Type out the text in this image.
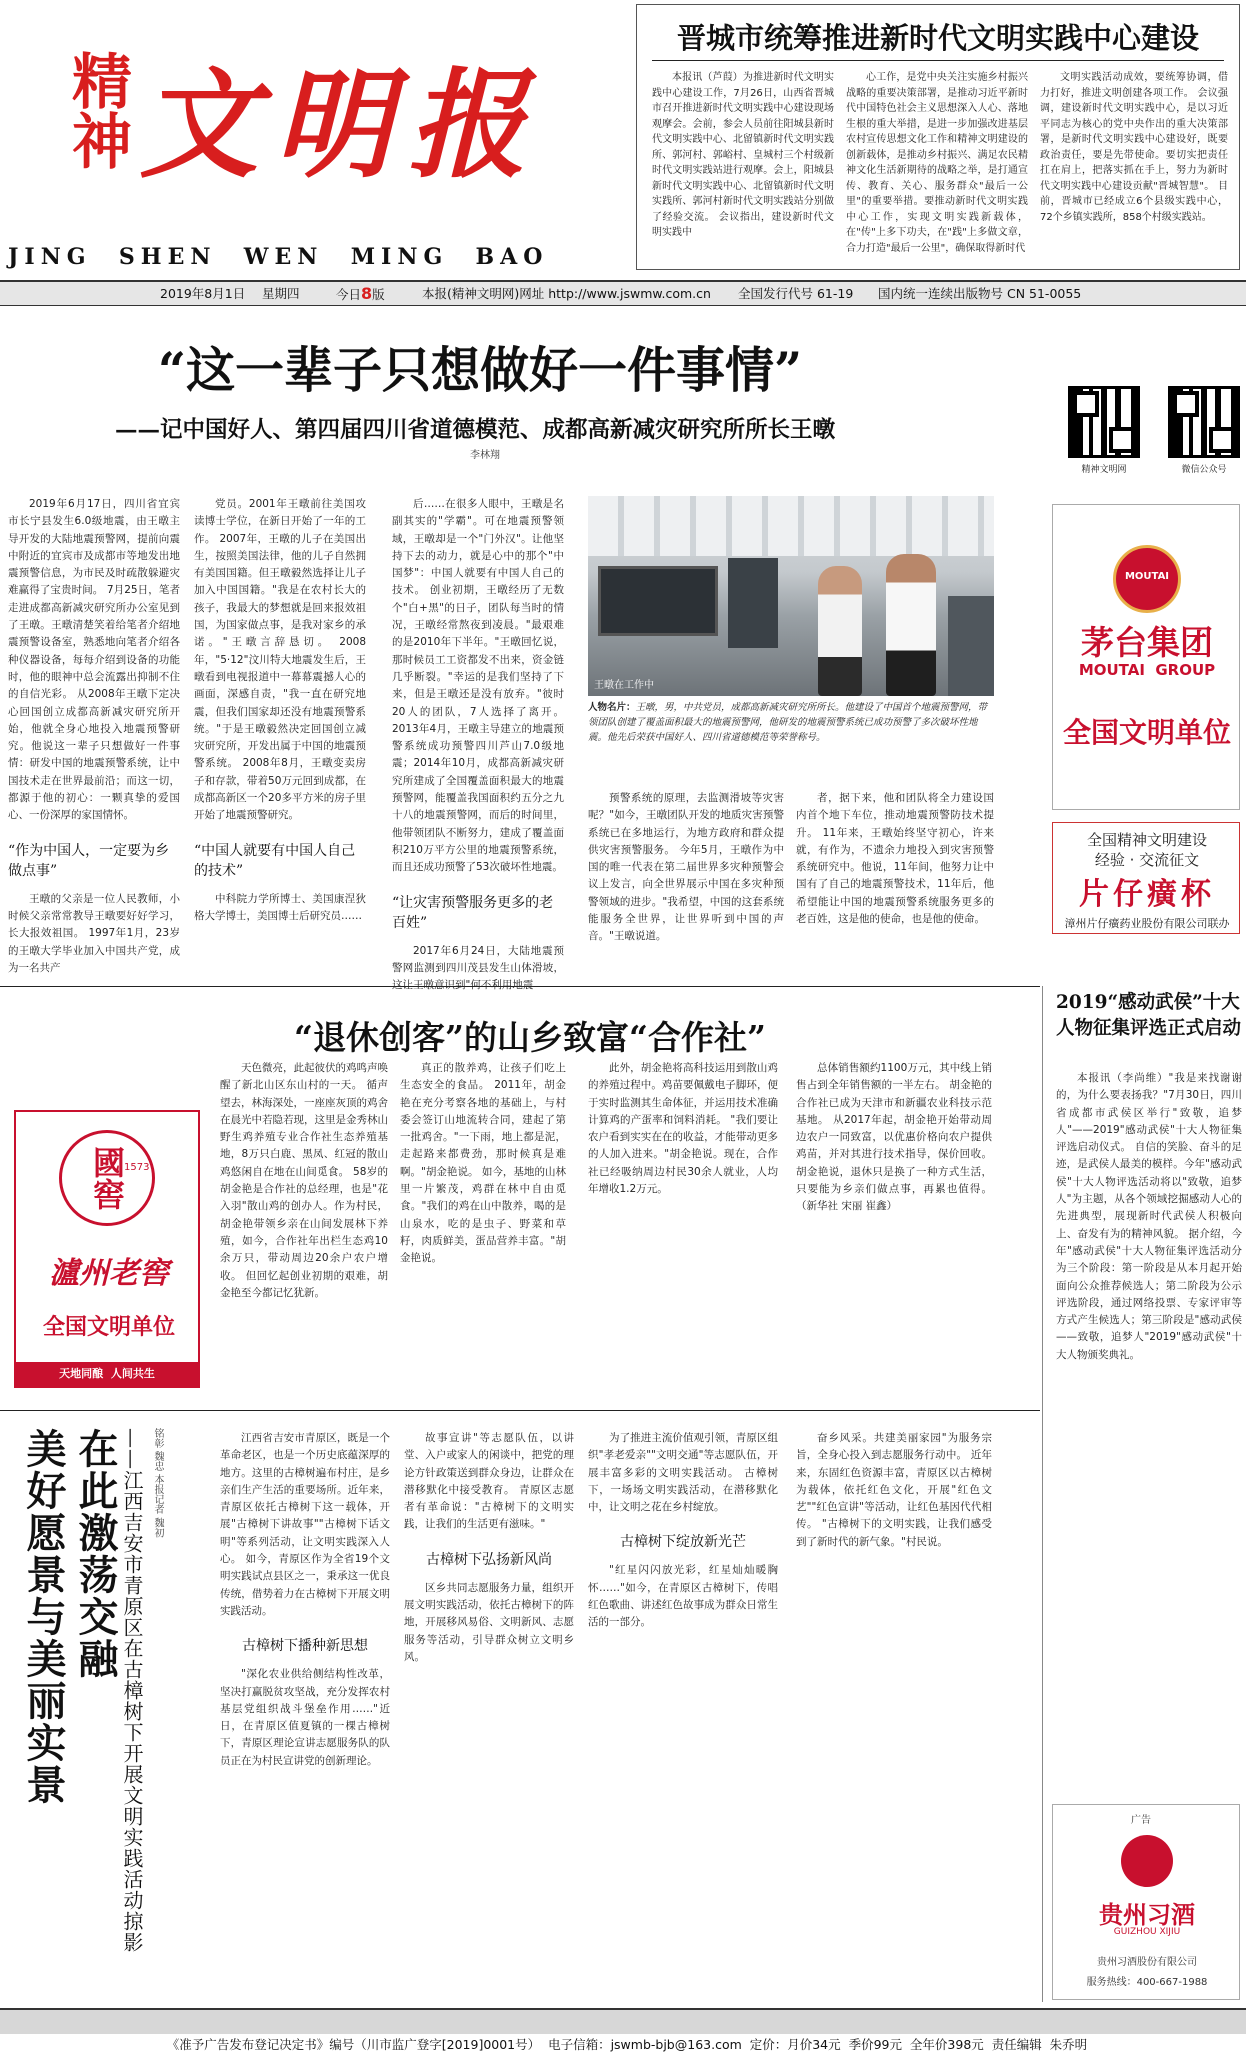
精神 文明报
JING  SHEN  WEN  MING  BAO
2019年8月1日 星期四	今日8版	本报(精神文明网)网址 http://www.jswmw.com.cn 全国发行代号 61-19 国内统一连续出版物号 CN 51-0055
晋城市统筹推进新时代文明实践中心建设

本报讯（芦葭）为推进新时代文明实践中心建设工作，7月26日，山西省晋城市召开推进新时代文明实践中心建设现场观摩会。会前，参会人员前往阳城县新时代文明实践中心、北留镇新时代文明实践所、郭河村、郭峪村、皇城村三个村级新时代文明实践站进行观摩。会上，阳城县新时代文明实践中心、北留镇新时代文明实践所、郭河村新时代文明实践站分别做了经验交流。 会议指出，建设新时代文明实践中

心工作，是党中央关注实施乡村振兴战略的重要决策部署，是推动习近平新时代中国特色社会主义思想深入人心、落地生根的重大举措，是进一步加强改进基层农村宣传思想文化工作和精神文明建设的创新载体，是推动乡村振兴、满足农民精神文化生活新期待的战略之举，是打通宣传、教育、关心、服务群众"最后一公里"的重要举措。要推动新时代文明实践中心工作，实现文明实践新载体，在"传"上多下功夫，在"践"上多做文章，合力打造"最后一公里"，确保取得新时代

文明实践活动成效，要统筹协调，借力打好，推进文明创建各项工作。 会议强调，建设新时代文明实践中心，是以习近平同志为核心的党中央作出的重大决策部署，是新时代文明实践中心建设好，既要政治责任，要是先带使命。要切实把责任扛在肩上，把落实抓在手上，努力为新时代文明实践中心建设贡献"晋城智慧"。 目前，晋城市已经成立6个县级实践中心，72个乡镇实践所，858个村级实践站。

“这一辈子只想做好一件事情”
——记中国好人、第四届四川省道德模范、成都高新减灾研究所所长王暾
李林翔

2019年6月17日，四川省宜宾市长宁县发生6.0级地震，由王暾主导开发的大陆地震预警网，提前向震中附近的宜宾市及成都市等地发出地震预警信息，为市民及时疏散躲避灾难赢得了宝贵时间。 7月25日，笔者走进成都高新减灾研究所办公室见到了王暾。王暾清楚笑着给笔者介绍地震预警设备室，熟悉地向笔者介绍各种仪器设备，每每介绍到设备的功能时，他的眼神中总会流露出抑制不住的自信光彩。 从2008年王暾下定决心回国创立成都高新减灾研究所开始，他就全身心地投入地震预警研究。他说这一辈子只想做好一件事情：研发中国的地震预警系统，让中国技术走在世界最前沿；而这一切，都源于他的初心：一颗真挚的爱国心、一份深厚的家国情怀。

“作为中国人，一定要为乡做点事”

王暾的父亲是一位人民教师，小时候父亲常常教导王暾要好好学习，长大报效祖国。 1997年1月，23岁的王暾大学毕业加入中国共产党，成为一名共产

党员。2001年王暾前往美国攻读博士学位，在新日开始了一年的工作。 2007年，王暾的儿子在美国出生，按照美国法律，他的儿子自然拥有美国国籍。但王暾毅然选择让儿子加入中国国籍。"我是在农村长大的孩子，我最大的梦想就是回来报效祖国，为国家做点事，是我对家乡的承诺。"王暾言辞恳切。 2008年，"5·12"汶川特大地震发生后，王暾看到电视报道中一幕幕震撼人心的画面，深感自责，"我一直在研究地震，但我们国家却还没有地震预警系统。"于是王暾毅然决定回国创立减灾研究所，开发出属于中国的地震预警系统。 2008年8月，王暾变卖房子和存款，带着50万元回到成都，在成都高新区一个20多平方米的房子里开始了地震预警研究。

“中国人就要有中国人自己的技术”

中科院力学所博士、美国康涅狄格大学博士，美国博士后研究员……

后……在很多人眼中，王暾是名副其实的"学霸"。可在地震预警领域，王暾却是一个"门外汉"。让他坚持下去的动力，就是心中的那个"中国梦"：中国人就要有中国人自己的技术。 创业初期，王暾经历了无数个"白+黑"的日子，团队每当时的情况，王暾经常熬夜到凌晨。"最艰难的是2010年下半年。"王暾回忆说，那时候员工工资都发不出来，资金链几乎断裂。"幸运的是我们坚持了下来，但是王暾还是没有放弃。"彼时20人的团队，7人选择了离开。 2013年4月，王暾主导建立的地震预警系统成功预警四川芦山7.0级地震；2014年10月，成都高新减灾研究所建成了全国覆盖面积最大的地震预警网，能覆盖我国面积约五分之九十八的地震预警网，而后的时间里，他带领团队不断努力，建成了覆盖面积210万平方公里的地震预警系统，而且还成功预警了53次破坏性地震。

“让灾害预警服务更多的老百姓”

2017年6月24日，大陆地震预警网监测到四川茂县发生山体滑坡，

王暾在工作中
人物名片：王暾，男，中共党员，成都高新减灾研究所所长。他建设了中国首个地震预警网，带领团队创建了覆盖面积最大的地震预警网，他研发的地震预警系统已成功预警了多次破坏性地震。他先后荣获中国好人、四川省道德模范等荣誉称号。

预警系统的原理，去监测滑坡等灾害呢？"如今，王暾团队开发的地质灾害预警系统已在多地运行，为地方政府和群众提供灾害预警服务。 今年5月，王暾作为中国的唯一代表在第二届世界多灾种预警会议上发言，向全世界展示中国在多灾种预警领域的进步。"我希望，中国的这套系统能服务全世界，让世界听到中国的声音。"王暾说道。

者，据下来，他和团队将全力建设国内首个地下车位，推动地震预警防技术提升。 11年来，王暾始终坚守初心，许来就，有作为，不遗余力地投入到灾害预警系统研究中。他说，11年间，他努力让中国有了自己的地震预警技术，11年后，他希望能让中国的地震预警系统服务更多的老百姓，这是他的使命，也是他的使命。

精神文明网	微信公众号
MOUTAI
茅台集团
MOUTAI  GROUP
全国文明单位
全国精神文明建设
经验 · 交流征文
片仔癀杯
漳州片仔癀药业股份有限公司联办
“退休创客”的山乡致富“合作社”
國窖
1573
瀘州老窖
全国文明单位
天地同酿  人间共生

天色微亮，此起彼伏的鸡鸣声唤醒了新北山区东山村的一天。 循声望去，林海深处，一座座灰顶的鸡舍在晨光中若隐若现，这里是金秀林山野生鸡养殖专业合作社生态养殖基地，8万只白鹿、黑凤、红冠的散山鸡悠闲自在地在山间觅食。 58岁的胡金艳是合作社的总经理，也是"花入羽"散山鸡的创办人。作为村民，胡金艳带领乡亲在山间发展林下养殖，如今，合作社年出栏生态鸡10余万只，带动周边20余户农户增收。 但回忆起创业初期的艰难，胡金艳至今都记忆犹新。

真正的散养鸡，让孩子们吃上生态安全的食品。 2011年，胡金艳在充分考察各地的基础上，与村委会签订山地流转合同，建起了第一批鸡舍。"一下雨，地上都是泥，走起路来都费劲，那时候真是难啊。"胡金艳说。 如今，基地的山林里一片繁茂，鸡群在林中自由觅食。"我们的鸡在山中散养，喝的是山泉水，吃的是虫子、野菜和草籽，肉质鲜美，蛋品营养丰富。"胡金艳说。

此外，胡金艳将高科技运用到散山鸡的养殖过程中。鸡苗要佩戴电子脚环，便于实时监测其生命体征，并运用技术准确计算鸡的产蛋率和饲料消耗。 "我们要让农户看到实实在在的收益，才能带动更多的人加入进来。"胡金艳说。现在，合作社已经吸纳周边村民30余人就业，人均年增收1.2万元。

总体销售额约1100万元，其中线上销售占到全年销售额的一半左右。 胡金艳的合作社已成为天津市和新疆农业科技示范基地。 从2017年起，胡金艳开始带动周边农户一同致富，以优惠价格向农户提供鸡苗，并对其进行技术指导，保价回收。胡金艳说，退休只是换了一种方式生活，只要能为乡亲们做点事，再累也值得。 （新华社 宋丽 崔鑫）

在此激荡交融
美好愿景与美丽实景	——江西吉安市青原区在古樟树下开展文明实践活动掠影 铭彰 魏忠 本报记者 魏初	江西省吉安市青原区，既是一个革命老区，也是一个历史底蕴深厚的地方。这里的古樟树遍布村庄，是乡亲们生产生活的重要场所。近年来，青原区依托古樟树下这一载体，开展"古樟树下讲故事""古樟树下话文明"等系列活动，让文明实践深入人心。 如今，青原区作为全省19个文明实践试点县区之一，秉承这一优良传统，借势着力在古樟树下开展文明实践活动。

古樟树下播种新思想

"深化农业供给侧结构性改革，坚决打赢脱贫攻坚战，充分发挥农村基层党组织战斗堡垒作用……"近日，在青原区值夏镇的一棵古樟树下，青原区理论宣讲志愿服务队的队员正在为村民宣讲党的创新理论。

故事宣讲"等志愿队伍，以讲堂、入户或家人的闲谈中，把党的理论方针政策送到群众身边，让群众在潜移默化中接受教育。 青原区志愿者有革命说："古樟树下的文明实践，让我们的生活更有滋味。"

古樟树下弘扬新风尚

区乡共同志愿服务力量，组织开展文明实践活动，依托古樟树下的阵地，开展移风易俗、文明新风、志愿服务等活动，引导群众树立文明乡风。

为了推进主流价值观引领，青原区组织"孝老爱亲""文明交通"等志愿队伍，开展丰富多彩的文明实践活动。 古樟树下，一场场文明实践活动，在潜移默化中，让文明之花在乡村绽放。

古樟树下绽放新光芒

"红星闪闪放光彩，红星灿灿暖胸怀……"如今，在青原区古樟树下，传唱红色歌曲、讲述红色故事成为群众日常生活的一部分。

奋乡风采。共建美丽家园"为服务宗旨，全身心投入到志愿服务行动中。 近年来，东固红色资源丰富，青原区以古樟树为载体，依托红色文化，开展"红色文艺""红色宣讲"等活动，让红色基因代代相传。 "古樟树下的文明实践，让我们感受到了新时代的新气象。"村民说。

2019“感动武侯”十大人物征集评选正式启动

本报讯（李尚维）"我是来找谢谢的，为什么要表扬我？"7月30日，四川省成都市武侯区举行"致敬，追梦人"——2019"感动武侯"十大人物征集评选启动仪式。 自信的笑脸、奋斗的足迹，是武侯人最美的模样。今年"感动武侯"十大人物评选活动将以"致敬，追梦人"为主题，从各个领域挖掘感动人心的先进典型，展现新时代武侯人积极向上、奋发有为的精神风貌。 据介绍，今年"感动武侯"十大人物征集评选活动分为三个阶段：第一阶段是从本月起开始面向公众推荐候选人；第二阶段为公示评选阶段，通过网络投票、专家评审等方式产生候选人；第三阶段是"感动武侯——致敬，追梦人"2019"感动武侯"十大人物颁奖典礼。

广告
贵州习酒
GUIZHOU XIJIU
贵州习酒股份有限公司
服务热线：400-667-1988

《准予广告发布登记决定书》编号（川市监广登字[2019]0001号）  电子信箱：jswmb-bjb@163.com  定价：月价34元  季价99元  全年价398元  责任编辑  朱乔明
